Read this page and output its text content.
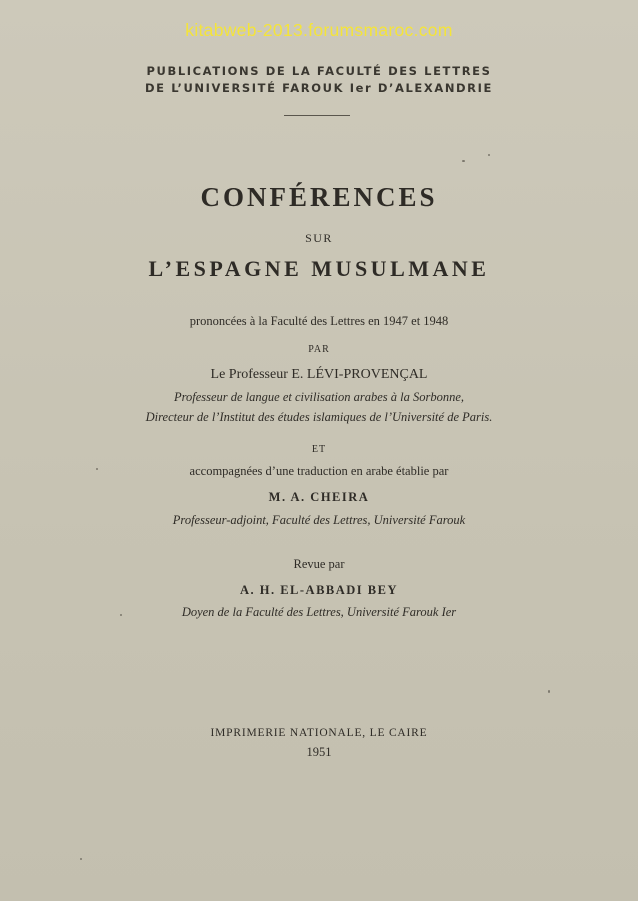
kitabweb-2013.forumsmaroc.com
PUBLICATIONS DE LA FACULTÉ DES LETTRES
DE L’UNIVERSITÉ FAROUK Ier D’ALEXANDRIE
CONFÉRENCES
SUR
L’ESPAGNE MUSULMANE
prononcées à la Faculté des Lettres en 1947 et 1948
PAR
Le Professeur E. LÉVI-PROVENÇAL
Professeur de langue et civilisation arabes à la Sorbonne,
Directeur de l’Institut des études islamiques de l’Université de Paris.
ET
accompagnées d’une traduction en arabe établie par
M. A. CHEIRA
Professeur-adjoint, Faculté des Lettres, Université Farouk
Revue par
A. H. EL-ABBADI BEY
Doyen de la Faculté des Lettres, Université Farouk Ier
IMPRIMERIE NATIONALE, LE CAIRE
1951
